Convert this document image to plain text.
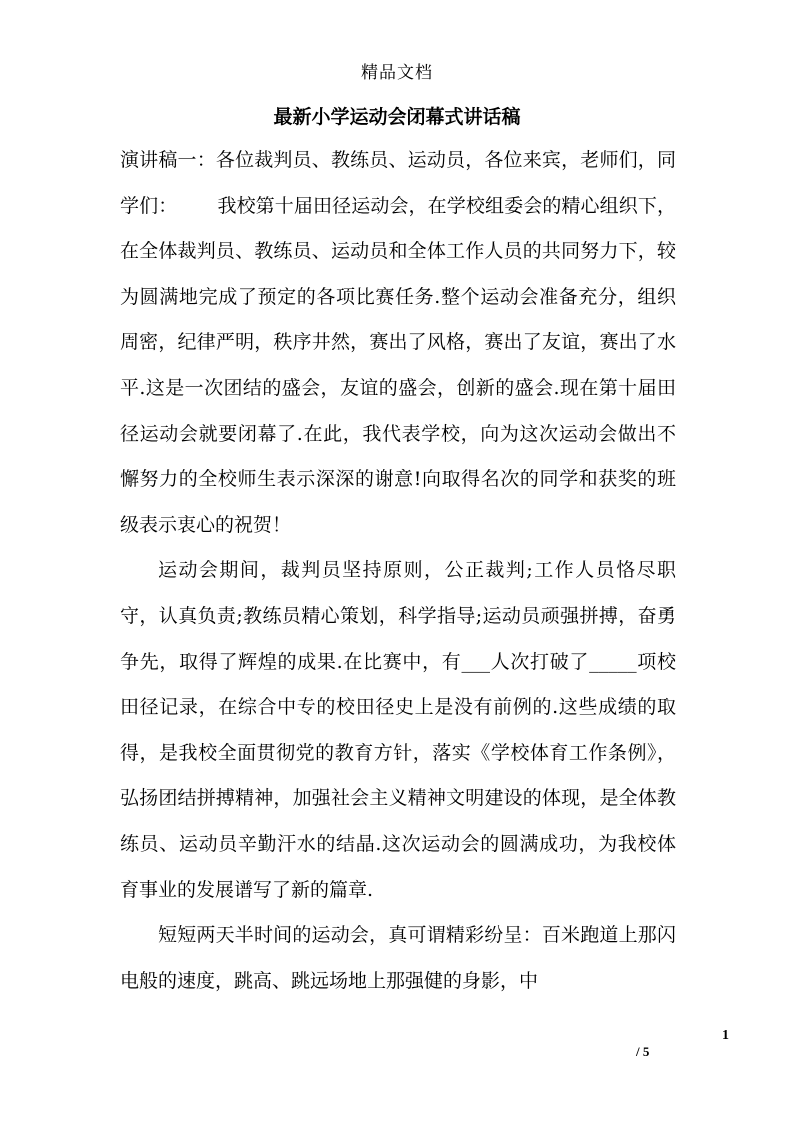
精品文档
最新小学运动会闭幕式讲话稿

演讲稿一：各位裁判员、教练员、运动员，各位来宾，老师们，同学们： 我校第十届田径运动会，在学校组委会的精心组织下，在全体裁判员、教练员、运动员和全体工作人员的共同努力下，较为圆满地完成了预定的各项比赛任务.整个运动会准备充分，组织周密，纪律严明，秩序井然，赛出了风格，赛出了友谊，赛出了水平.这是一次团结的盛会，友谊的盛会，创新的盛会.现在第十届田径运动会就要闭幕了.在此，我代表学校，向为这次运动会做出不懈努力的全校师生表示深深的谢意!向取得名次的同学和获奖的班级表示衷心的祝贺！

运动会期间，裁判员坚持原则，公正裁判;工作人员恪尽职守，认真负责;教练员精心策划，科学指导;运动员顽强拼搏，奋勇争先，取得了辉煌的成果.在比赛中，有___人次打破了_____项校田径记录，在综合中专的校田径史上是没有前例的.这些成绩的取得，是我校全面贯彻党的教育方针，落实《学校体育工作条例》，弘扬团结拼搏精神，加强社会主义精神文明建设的体现，是全体教练员、运动员辛勤汗水的结晶.这次运动会的圆满成功，为我校体育事业的发展谱写了新的篇章.

短短两天半时间的运动会，真可谓精彩纷呈：百米跑道上那闪电般的速度，跳高、跳远场地上那强健的身影，中

1
/ 5
